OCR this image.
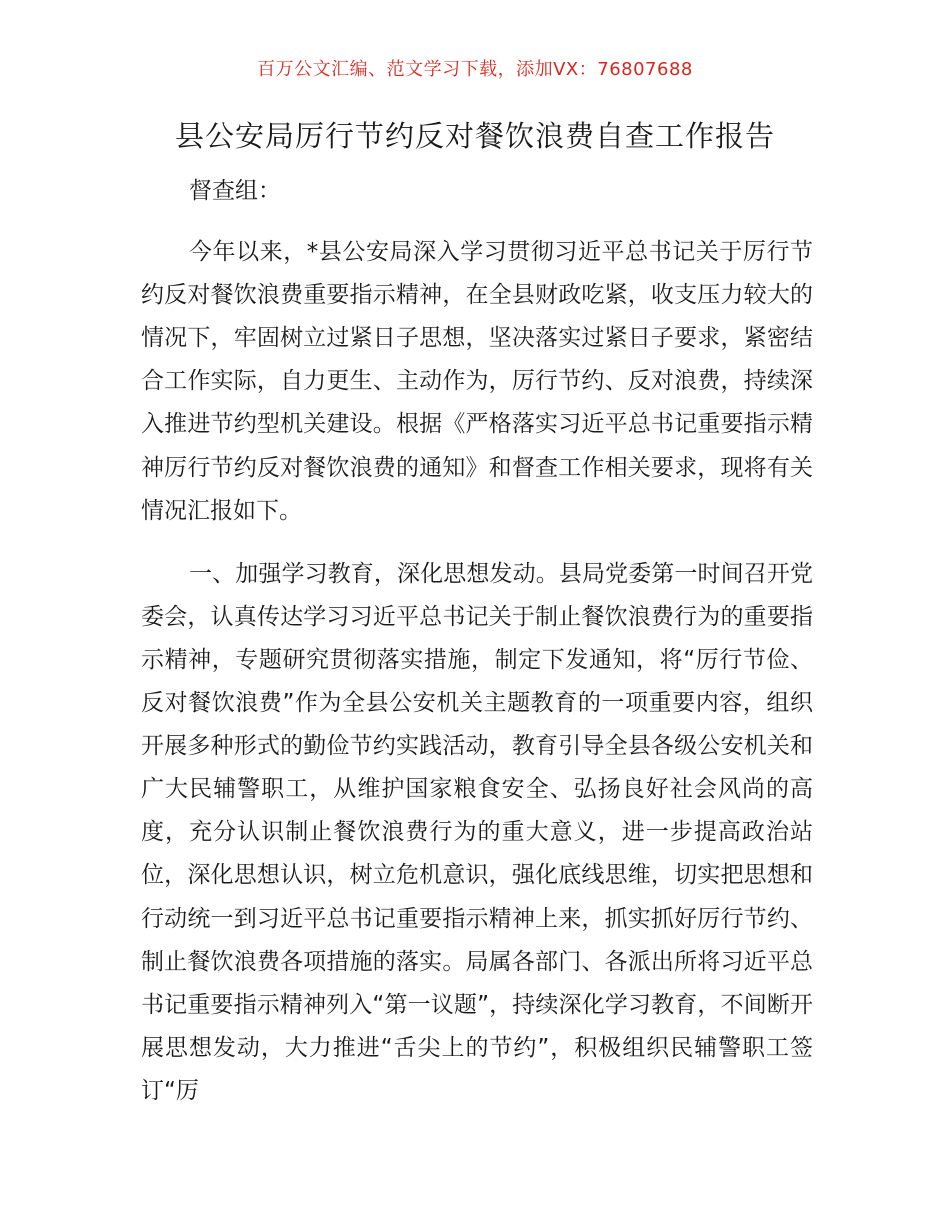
百万公文汇编、范文学习下载，添加VX：76807688
县公安局厉行节约反对餐饮浪费自查工作报告

督查组：

今年以来，*县公安局深入学习贯彻习近平总书记关于厉行节约反对餐饮浪费重要指示精神，在全县财政吃紧，收支压力较大的情况下，牢固树立过紧日子思想，坚决落实过紧日子要求，紧密结合工作实际，自力更生、主动作为，厉行节约、反对浪费，持续深入推进节约型机关建设。根据《严格落实习近平总书记重要指示精神厉行节约反对餐饮浪费的通知》和督查工作相关要求，现将有关情况汇报如下。

一、加强学习教育，深化思想发动。县局党委第一时间召开党委会，认真传达学习习近平总书记关于制止餐饮浪费行为的重要指示精神，专题研究贯彻落实措施，制定下发通知，将“厉行节俭、反对餐饮浪费”作为全县公安机关主题教育的一项重要内容，组织开展多种形式的勤俭节约实践活动，教育引导全县各级公安机关和广大民辅警职工，从维护国家粮食安全、弘扬良好社会风尚的高度，充分认识制止餐饮浪费行为的重大意义，进一步提高政治站位，深化思想认识，树立危机意识，强化底线思维，切实把思想和行动统一到习近平总书记重要指示精神上来，抓实抓好厉行节约、制止餐饮浪费各项措施的落实。局属各部门、各派出所将习近平总书记重要指示精神列入“第一议题”，持续深化学习教育，不间断开展思想发动，大力推进“舌尖上的节约”，积极组织民辅警职工签订“厉
